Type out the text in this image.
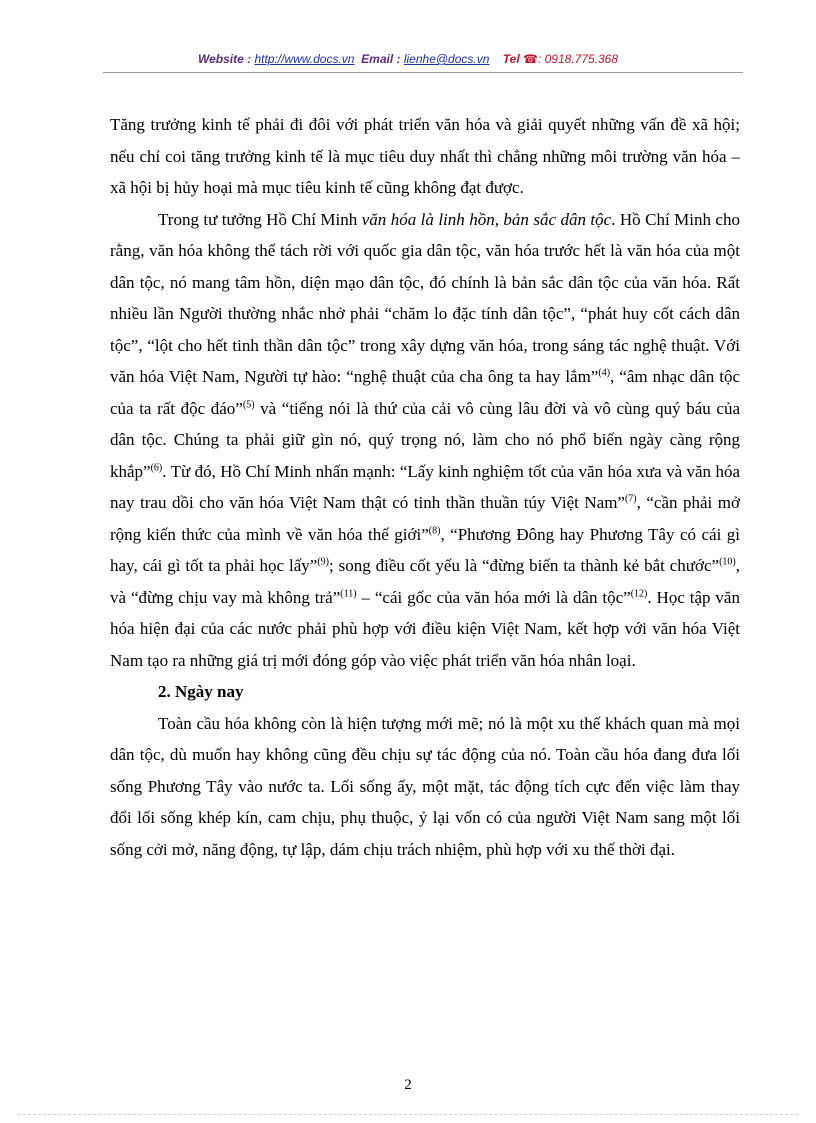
Website : http://www.docs.vn Email : lienhe@docs.vn Tel ☎: 0918.775.368

Tăng trưởng kinh tế phải đi đôi với phát triển văn hóa và giải quyết những vấn đề xã hội; nếu chỉ coi tăng trưởng kinh tế là mục tiêu duy nhất thì chẳng những môi trường văn hóa – xã hội bị hủy hoại mà mục tiêu kinh tế cũng không đạt được.

Trong tư tưởng Hồ Chí Minh văn hóa là linh hồn, bản sắc dân tộc. Hồ Chí Minh cho rằng, văn hóa không thể tách rời với quốc gia dân tộc, văn hóa trước hết là văn hóa của một dân tộc, nó mang tâm hồn, diện mạo dân tộc, đó chính là bản sắc dân tộc của văn hóa. Rất nhiều lần Người thường nhắc nhở phải “chăm lo đặc tính dân tộc”, “phát huy cốt cách dân tộc”, “lột cho hết tinh thần dân tộc” trong xây dựng văn hóa, trong sáng tác nghệ thuật. Với văn hóa Việt Nam, Người tự hào: “nghệ thuật của cha ông ta hay lắm”$^{(4)}$, “âm nhạc dân tộc của ta rất độc đáo”$^{(5)}$ và “tiếng nói là thứ của cải vô cùng lâu đời và vô cùng quý báu của dân tộc. Chúng ta phải giữ gìn nó, quý trọng nó, làm cho nó phổ biến ngày càng rộng khắp”$^{(6)}$. Từ đó, Hồ Chí Minh nhấn mạnh: “Lấy kinh nghiệm tốt của văn hóa xưa và văn hóa nay trau dồi cho văn hóa Việt Nam thật có tinh thần thuần túy Việt Nam”$^{(7)}$, “cần phải mở rộng kiến thức của mình về văn hóa thế giới”$^{(8)}$, “Phương Đông hay Phương Tây có cái gì hay, cái gì tốt ta phải học lấy”$^{(9)}$; song điều cốt yếu là “đừng biến ta thành kẻ bắt chước”$^{(10)}$, và “đừng chịu vay mà không trả”$^{(11)}$ – “cái gốc của văn hóa mới là dân tộc”$^{(12)}$. Học tập văn hóa hiện đại của các nước phải phù hợp với điều kiện Việt Nam, kết hợp với văn hóa Việt Nam tạo ra những giá trị mới đóng góp vào việc phát triển văn hóa nhân loại.

2. Ngày nay

Toàn cầu hóa không còn là hiện tượng mới mẽ; nó là một xu thế khách quan mà mọi dân tộc, dù muốn hay không cũng đều chịu sự tác động của nó. Toàn cầu hóa đang đưa lối sống Phương Tây vào nước ta. Lối sống ấy, một mặt, tác động tích cực đến việc làm thay đổi lối sống khép kín, cam chịu, phụ thuộc, ỷ lại vốn có của người Việt Nam sang một lối sống cởi mở, năng động, tự lập, dám chịu trách nhiệm, phù hợp với xu thế thời đại.

2
